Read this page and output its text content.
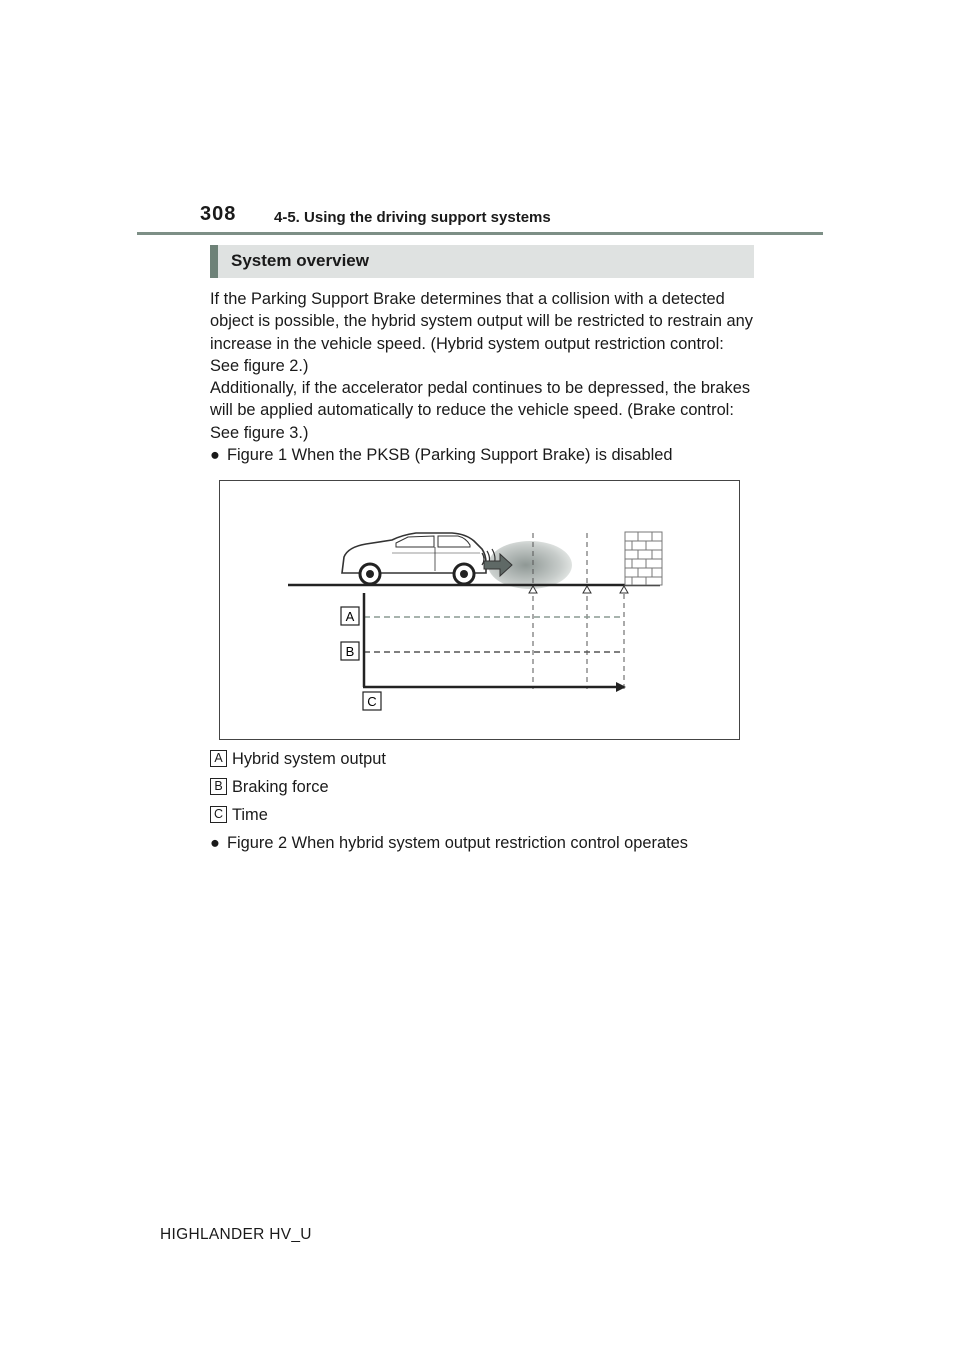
308	4-5. Using the driving support systems
System overview

If the Parking Support Brake determines that a collision with a detected object is possible, the hybrid system output will be restricted to restrain any increase in the vehicle speed. (Hybrid system output restriction control: See figure 2.)

Additionally, if the accelerator pedal continues to be depressed, the brakes will be applied automatically to reduce the vehicle speed. (Brake control: See figure 3.)

● Figure 1 When the PKSB (Parking Support Brake) is disabled
A
B
C
A Hybrid system output
B Braking force
C Time
● Figure 2 When hybrid system output restriction control operates
HIGHLANDER HV_U
